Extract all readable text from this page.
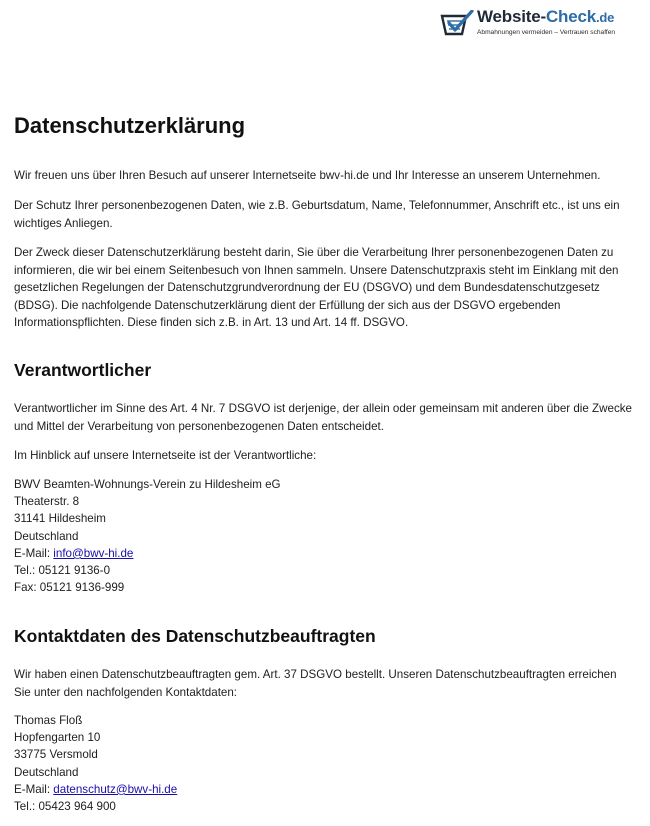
Website-Check.de
Abmahnungen vermeiden – Vertrauen schaffen
Datenschutzerklärung

Wir freuen uns über Ihren Besuch auf unserer Internetseite bwv-hi.de und Ihr Interesse an unserem Unternehmen.

Der Schutz Ihrer personenbezogenen Daten, wie z.B. Geburtsdatum, Name, Telefonnummer, Anschrift etc., ist uns ein wichtiges Anliegen.

Der Zweck dieser Datenschutzerklärung besteht darin, Sie über die Verarbeitung Ihrer personenbezogenen Daten zu informieren, die wir bei einem Seitenbesuch von Ihnen sammeln. Unsere Datenschutzpraxis steht im Einklang mit den gesetzlichen Regelungen der Datenschutzgrundverordnung der EU (DSGVO) und dem Bundesdatenschutzgesetz (BDSG). Die nachfolgende Datenschutzerklärung dient der Erfüllung der sich aus der DSGVO ergebenden Informationspflichten. Diese finden sich z.B. in Art. 13 und Art. 14 ff. DSGVO.

Verantwortlicher

Verantwortlicher im Sinne des Art. 4 Nr. 7 DSGVO ist derjenige, der allein oder gemeinsam mit anderen über die Zwecke und Mittel der Verarbeitung von personenbezogenen Daten entscheidet.

Im Hinblick auf unsere Internetseite ist der Verantwortliche:

BWV Beamten-Wohnungs-Verein zu Hildesheim eG
Theaterstr. 8
31141 Hildesheim
Deutschland
E-Mail: info@bwv-hi.de
Tel.: 05121 9136-0
Fax: 05121 9136-999
Kontaktdaten des Datenschutzbeauftragten

Wir haben einen Datenschutzbeauftragten gem. Art. 37 DSGVO bestellt. Unseren Datenschutzbeauftragten erreichen Sie unter den nachfolgenden Kontaktdaten:

Thomas Floß
Hopfengarten 10
33775 Versmold
Deutschland
E-Mail: datenschutz@bwv-hi.de
Tel.: 05423 964 900
